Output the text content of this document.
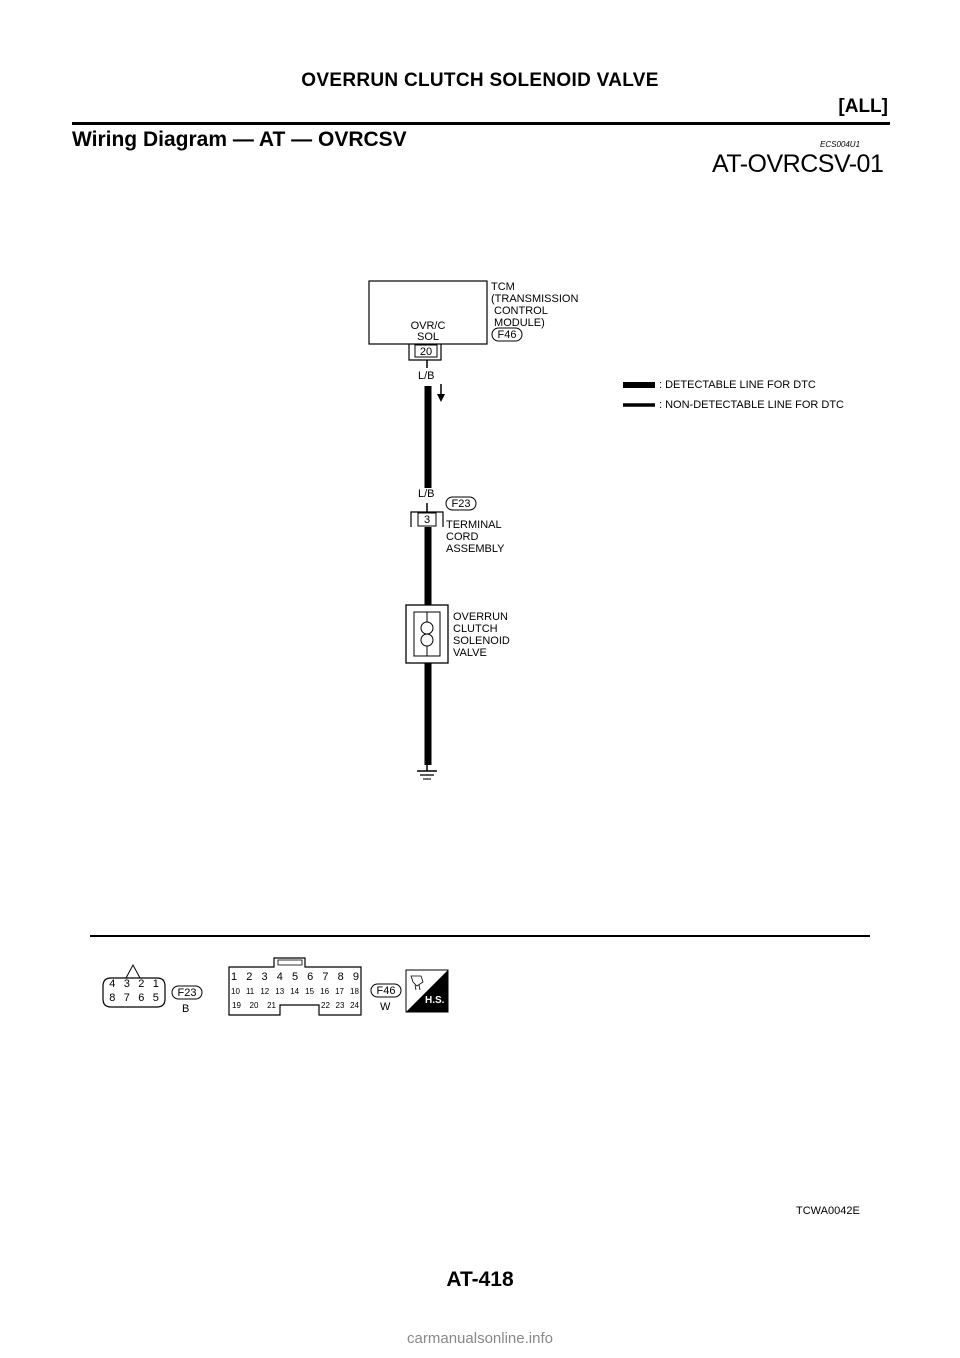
OVERRUN CLUTCH SOLENOID VALVE
[ALL]
Wiring Diagram — AT — OVRCSV	ECS004U1
AT-OVRCSV-01
TCM
(TRANSMISSION
CONTROL
MODULE)
OVR/C
SOL
20
F46
L/B
L/B
F23
3	TERMINAL
CORD
ASSEMBLY
OVERRUN
CLUTCH
SOLENOID
VALVE
: DETECTABLE LINE FOR DTC
: NON-DETECTABLE LINE FOR DTC
4 3 2 1
8 7 6 5	F23
B
1 2 3 4 5 6 7 8 9
10 11 12 13 14 15 16 17 18
19 20 21	22 23 24
F46
W
H.S.
TCWA0042E
AT-418
carmanualsonline.info
